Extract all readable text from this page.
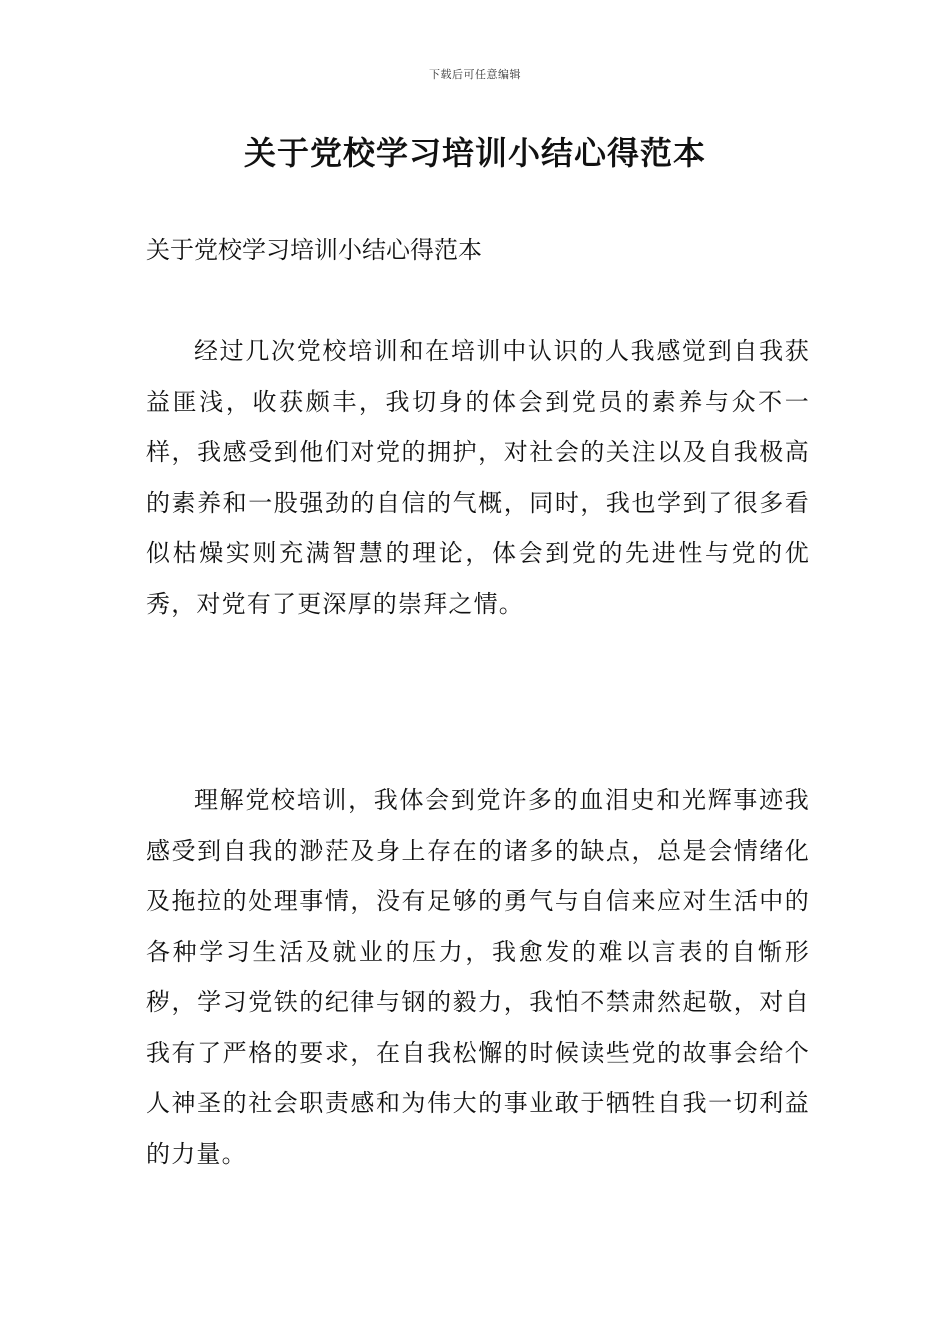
下载后可任意编辑
关于党校学习培训小结心得范本

关于党校学习培训小结心得范本

经过几次党校培训和在培训中认识的人我感觉到自我获益匪浅，收获颇丰，我切身的体会到党员的素养与众不一样，我感受到他们对党的拥护，对社会的关注以及自我极高的素养和一股强劲的自信的气概，同时，我也学到了很多看似枯燥实则充满智慧的理论，体会到党的先进性与党的优秀，对党有了更深厚的崇拜之情。

理解党校培训，我体会到党许多的血泪史和光辉事迹我感受到自我的渺茫及身上存在的诸多的缺点，总是会情绪化及拖拉的处理事情，没有足够的勇气与自信来应对生活中的各种学习生活及就业的压力，我愈发的难以言表的自惭形秽，学习党铁的纪律与钢的毅力，我怕不禁肃然起敬，对自我有了严格的要求，在自我松懈的时候读些党的故事会给个人神圣的社会职责感和为伟大的事业敢于牺牲自我一切利益的力量。
